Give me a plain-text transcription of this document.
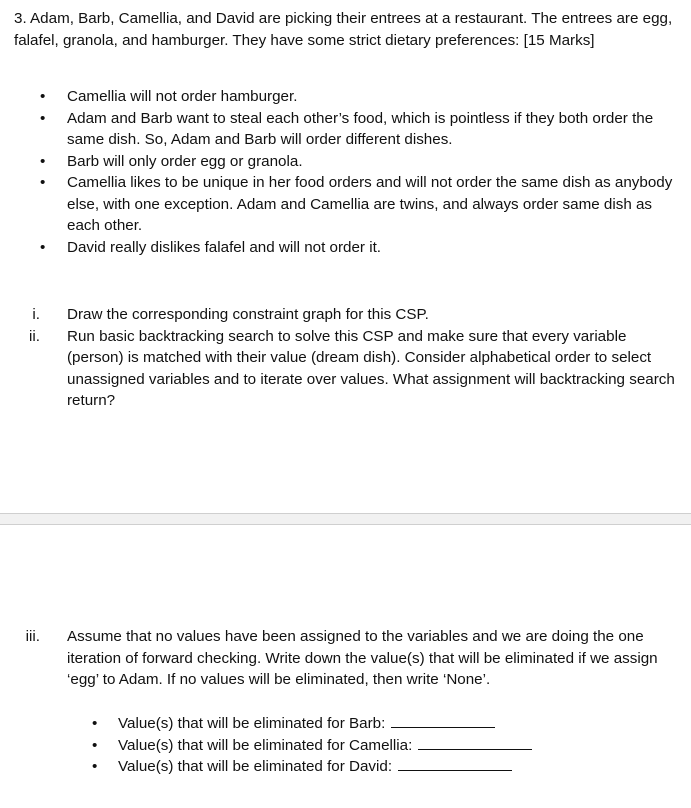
3. Adam, Barb, Camellia, and David are picking their entrees at a restaurant. The entrees are egg, falafel, granola, and hamburger. They have some strict dietary preferences: [15 Marks]
• Camellia will not order hamburger.
• Adam and Barb want to steal each other’s food, which is pointless if they both order the same dish. So, Adam and Barb will order different dishes.
• Barb will only order egg or granola.
• Camellia likes to be unique in her food orders and will not order the same dish as anybody else, with one exception. Adam and Camellia are twins, and always order same dish as each other.
• David really dislikes falafel and will not order it.
i. Draw the corresponding constraint graph for this CSP.
ii. Run basic backtracking search to solve this CSP and make sure that every variable (person) is matched with their value (dream dish). Consider alphabetical order to select unassigned variables and to iterate over values. What assignment will backtracking search return?
iii. Assume that no values have been assigned to the variables and we are doing the one iteration of forward checking. Write down the value(s) that will be eliminated if we assign ‘egg’ to Adam. If no values will be eliminated, then write ‘None’.
• Value(s) that will be eliminated for Barb:
• Value(s) that will be eliminated for Camellia:
• Value(s) that will be eliminated for David:
